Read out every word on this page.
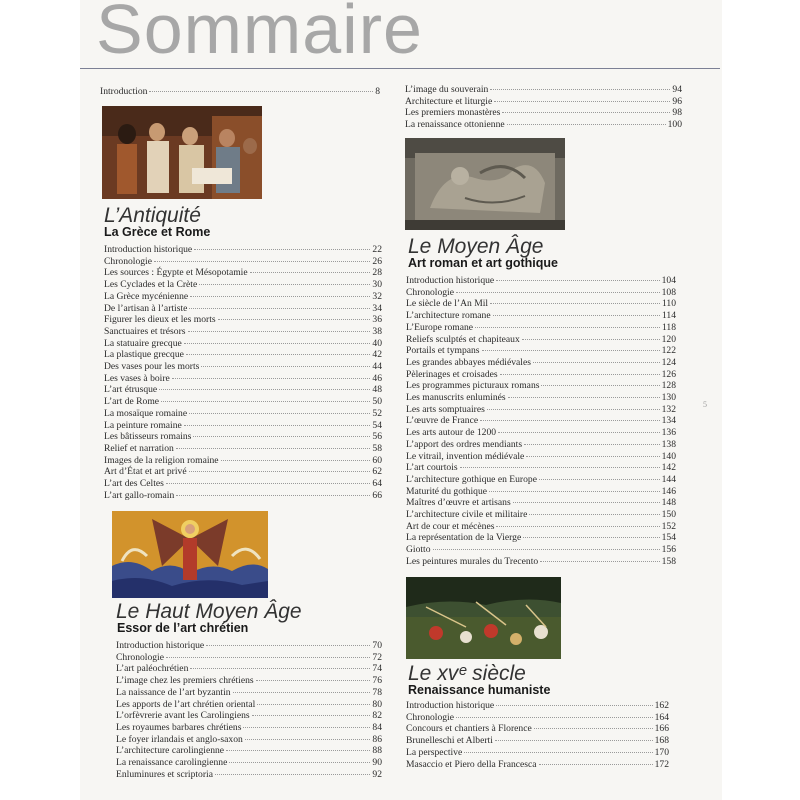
Sommaire
Introduction	8
L’Antiquité
La Grèce et Rome
Introduction historique	22
Chronologie	26
Les sources : Égypte et Mésopotamie	28
Les Cyclades et la Crète	30
La Grèce mycénienne	32
De l’artisan à l’artiste	34
Figurer les dieux et les morts	36
Sanctuaires et trésors	38
La statuaire grecque	40
La plastique grecque	42
Des vases pour les morts	44
Les vases à boire	46
L’art étrusque	48
L’art de Rome	50
La mosaïque romaine	52
La peinture romaine	54
Les bâtisseurs romains	56
Relief et narration	58
Images de la religion romaine	60
Art d’État et art privé	62
L’art des Celtes	64
L’art gallo-romain	66
Le Haut Moyen Âge
Essor de l’art chrétien
Introduction historique	70
Chronologie	72
L’art paléochrétien	74
L’image chez les premiers chrétiens	76
La naissance de l’art byzantin	78
Les apports de l’art chrétien oriental	80
L’orfèvrerie avant les Carolingiens	82
Les royaumes barbares chrétiens	84
Le foyer irlandais et anglo-saxon	86
L’architecture carolingienne	88
La renaissance carolingienne	90
Enluminures et scriptoria	92
L’image du souverain	94
Architecture et liturgie	96
Les premiers monastères	98
La renaissance ottonienne	100
Le Moyen Âge
Art roman et art gothique
Introduction historique	104
Chronologie	108
Le siècle de l’An Mil	110
L’architecture romane	114
L’Europe romane	118
Reliefs sculptés et chapiteaux	120
Portails et tympans	122
Les grandes abbayes médiévales	124
Pèlerinages et croisades	126
Les programmes picturaux romans	128
Les manuscrits enluminés	130
Les arts somptuaires	132
L’œuvre de France	134
Les arts autour de 1200	136
L’apport des ordres mendiants	138
Le vitrail, invention médiévale	140
L’art courtois	142
L’architecture gothique en Europe	144
Maturité du gothique	146
Maîtres d’œuvre et artisans	148
L’architecture civile et militaire	150
Art de cour et mécènes	152
La représentation de la Vierge	154
Giotto	156
Les peintures murales du Trecento	158
Le xvᵉ siècle
Renaissance humaniste
Introduction historique	162
Chronologie	164
Concours et chantiers à Florence	166
Brunelleschi et Alberti	168
La perspective	170
Masaccio et Piero della Francesca	172
5
